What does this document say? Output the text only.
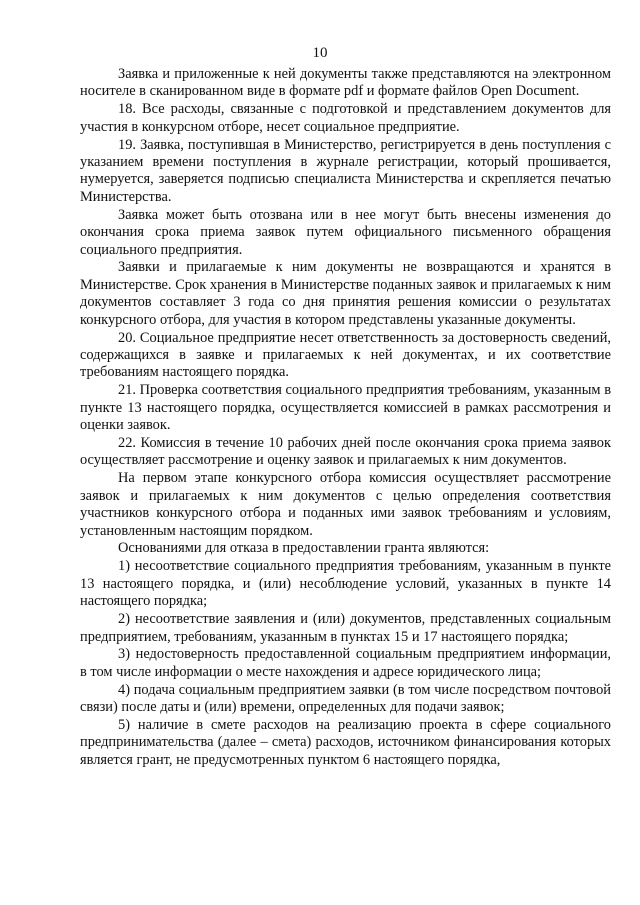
10

Заявка и приложенные к ней документы также представляются на электронном носителе в сканированном виде в формате pdf и формате файлов Open Document.

18. Все расходы, связанные с подготовкой и представлением документов для участия в конкурсном отборе, несет социальное предприятие.

19. Заявка, поступившая в Министерство, регистрируется в день поступления с указанием времени поступления в журнале регистрации, который прошивается, нумеруется, заверяется подписью специалиста Министерства и скрепляется печатью Министерства.

Заявка может быть отозвана или в нее могут быть внесены изменения до окончания срока приема заявок путем официального письменного обращения социального предприятия.

Заявки и прилагаемые к ним документы не возвращаются и хранятся в Министерстве. Срок хранения в Министерстве поданных заявок и прилагаемых к ним документов составляет 3 года со дня принятия решения комиссии о результатах конкурсного отбора, для участия в котором представлены указанные документы.

20. Социальное предприятие несет ответственность за достоверность сведений, содержащихся в заявке и прилагаемых к ней документах, и их соответствие требованиям настоящего порядка.

21. Проверка соответствия социального предприятия требованиям, указанным в пункте 13 настоящего порядка, осуществляется комиссией в рамках рассмотрения и оценки заявок.

22. Комиссия в течение 10 рабочих дней после окончания срока приема заявок осуществляет рассмотрение и оценку заявок и прилагаемых к ним документов.

На первом этапе конкурсного отбора комиссия осуществляет рассмотрение заявок и прилагаемых к ним документов с целью определения соответствия участников конкурсного отбора и поданных ими заявок требованиям и условиям, установленным настоящим порядком.

Основаниями для отказа в предоставлении гранта являются:

1) несоответствие социального предприятия требованиям, указанным в пункте 13 настоящего порядка, и (или) несоблюдение условий, указанных в пункте 14 настоящего порядка;

2) несоответствие заявления и (или) документов, представленных социальным предприятием, требованиям, указанным в пунктах 15 и 17 настоящего порядка;

3) недостоверность предоставленной социальным предприятием информации, в том числе информации о месте нахождения и адресе юридического лица;

4) подача социальным предприятием заявки (в том числе посредством почтовой связи) после даты и (или) времени, определенных для подачи заявок;

5) наличие в смете расходов на реализацию проекта в сфере социального предпринимательства (далее – смета) расходов, источником финансирования которых является грант, не предусмотренных пунктом 6 настоящего порядка,
